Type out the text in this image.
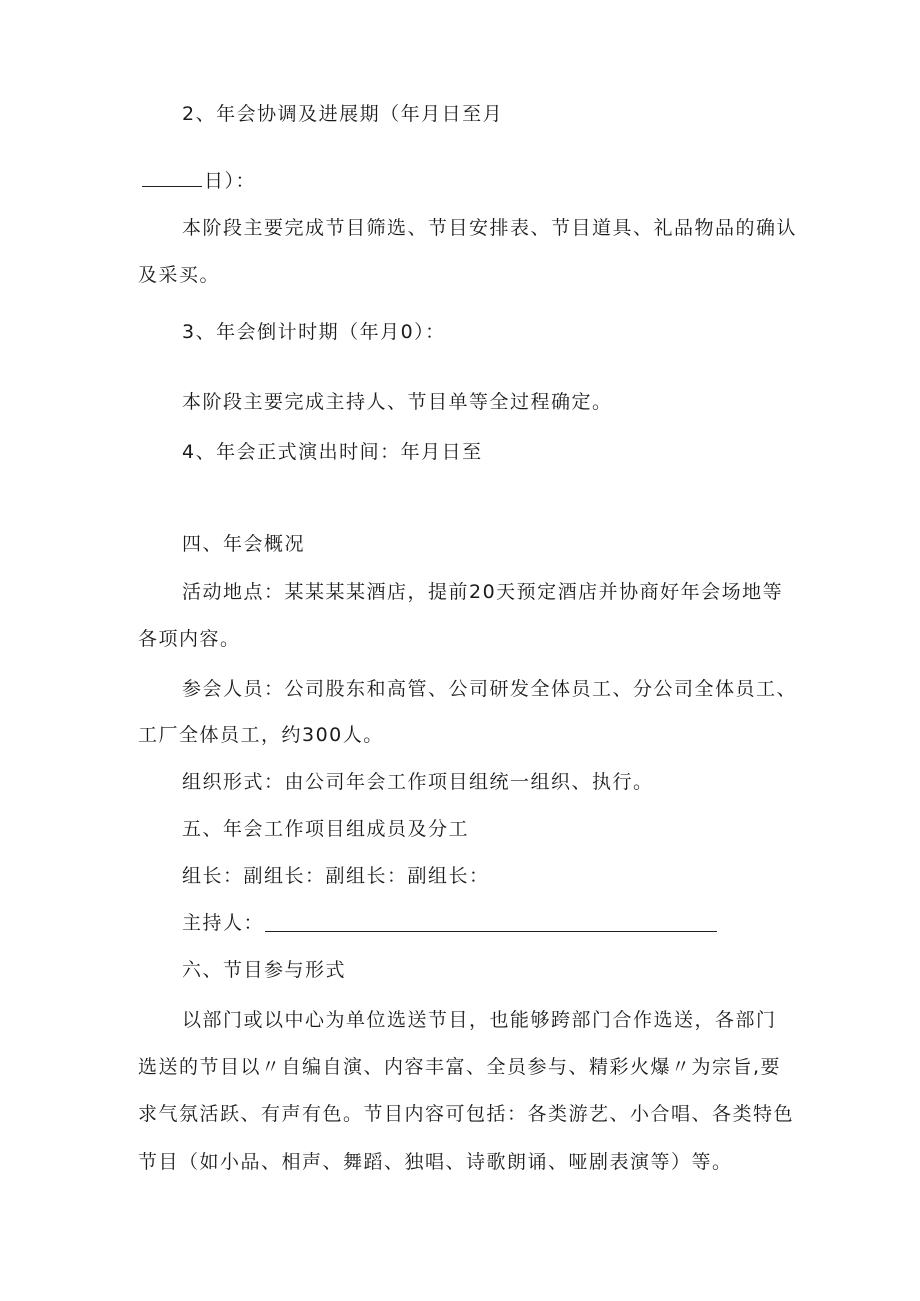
2、年会协调及进展期（年月日至月
日）：
本阶段主要完成节目筛选、节目安排表、节目道具、礼品物品的确认
及采买。
3、年会倒计时期（年月0）：
本阶段主要完成主持人、节目单等全过程确定。
4、年会正式演出时间：年月日至
四、年会概况
活动地点：某某某某酒店，提前20天预定酒店并协商好年会场地等
各项内容。
参会人员：公司股东和高管、公司研发全体员工、分公司全体员工、
工厂全体员工，约300人。
组织形式：由公司年会工作项目组统一组织、执行。
五、年会工作项目组成员及分工
组长：副组长：副组长：副组长：
主持人：
六、节目参与形式
以部门或以中心为单位选送节目，也能够跨部门合作选送，各部门
选送的节目以〃自编自演、内容丰富、全员参与、精彩火爆〃为宗旨,要
求气氛活跃、有声有色。节目内容可包括：各类游艺、小合唱、各类特色
节目（如小品、相声、舞蹈、独唱、诗歌朗诵、哑剧表演等）等。
